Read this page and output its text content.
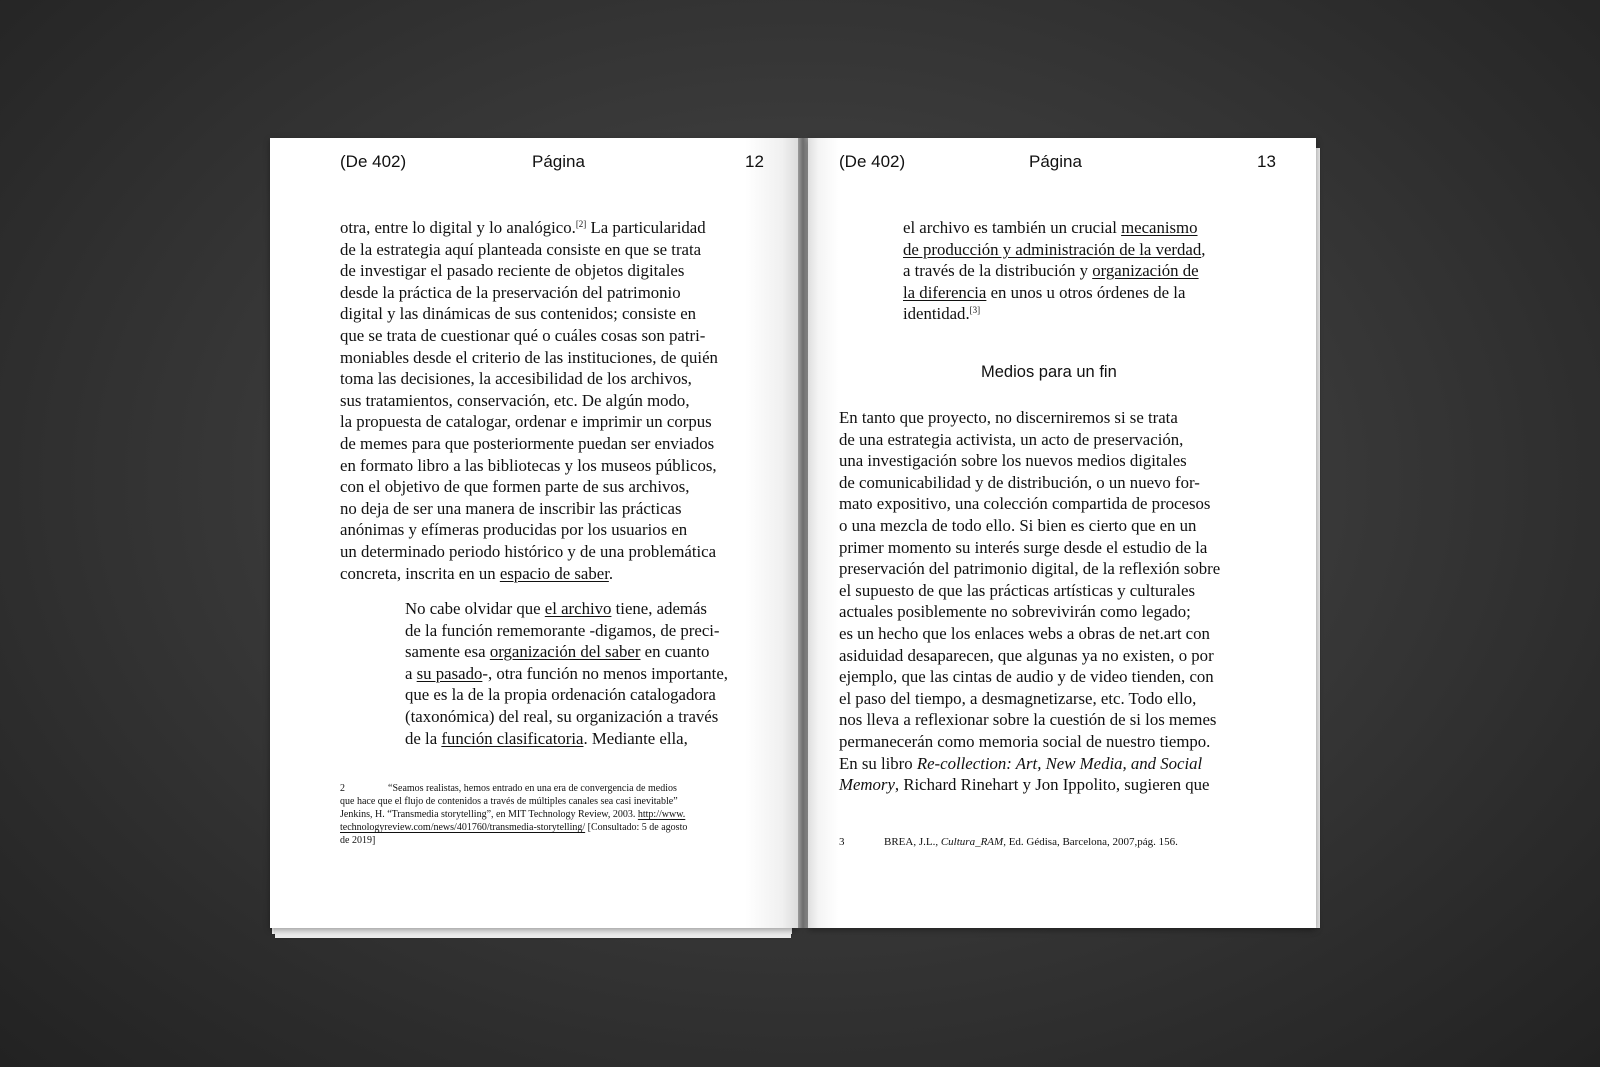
(De 402)	Página	12
otra, entre lo digital y lo analógico.[2] La particularidad
de la estrategia aquí planteada consiste en que se trata
de investigar el pasado reciente de objetos digitales
desde la práctica de la preservación del patrimonio
digital y las dinámicas de sus contenidos; consiste en
que se trata de cuestionar qué o cuáles cosas son patri-
moniables desde el criterio de las instituciones, de quién
toma las decisiones, la accesibilidad de los archivos,
sus tratamientos, conservación, etc. De algún modo,
la propuesta de catalogar, ordenar e imprimir un corpus
de memes para que posteriormente puedan ser enviados
en formato libro a las bibliotecas y los museos públicos,
con el objetivo de que formen parte de sus archivos,
no deja de ser una manera de inscribir las prácticas
anónimas y efímeras producidas por los usuarios en
un determinado periodo histórico y de una problemática
concreta, inscrita en un espacio de saber.
No cabe olvidar que el archivo tiene, además
de la función rememorante -digamos, de preci-
samente esa organización del saber en cuanto
a su pasado-, otra función no menos importante,
que es la de la propia ordenación catalogadora
(taxonómica) del real, su organización a través
de la función clasificatoria. Mediante ella,
2	“Seamos realistas, hemos entrado en una era de convergencia de medios
que hace que el flujo de contenidos a través de múltiples canales sea casi inevitable”
Jenkins, H. “Transmedia storytelling”, en MIT Technology Review, 2003. http://www.
technologyreview.com/news/401760/transmedia-storytelling/ [Consultado: 5 de agosto
de 2019]
(De 402)	Página	13
el archivo es también un crucial mecanismo
de producción y administración de la verdad,
a través de la distribución y organización de
la diferencia en unos u otros órdenes de la
identidad.[3]
Medios para un fin
En tanto que proyecto, no discerniremos si se trata
de una estrategia activista, un acto de preservación,
una investigación sobre los nuevos medios digitales
de comunicabilidad y de distribución, o un nuevo for-
mato expositivo, una colección compartida de procesos
o una mezcla de todo ello. Si bien es cierto que en un
primer momento su interés surge desde el estudio de la
preservación del patrimonio digital, de la reflexión sobre
el supuesto de que las prácticas artísticas y culturales
actuales posiblemente no sobrevivirán como legado;
es un hecho que los enlaces webs a obras de net.art con
asiduidad desaparecen, que algunas ya no existen, o por
ejemplo, que las cintas de audio y de video tienden, con
el paso del tiempo, a desmagnetizarse, etc. Todo ello,
nos lleva a reflexionar sobre la cuestión de si los memes
permanecerán como memoria social de nuestro tiempo.
En su libro Re-collection: Art, New Media, and Social
Memory, Richard Rinehart y Jon Ippolito, sugieren que
3	BREA, J.L., Cultura_RAM, Ed. Gédisa, Barcelona, 2007,pág. 156.
